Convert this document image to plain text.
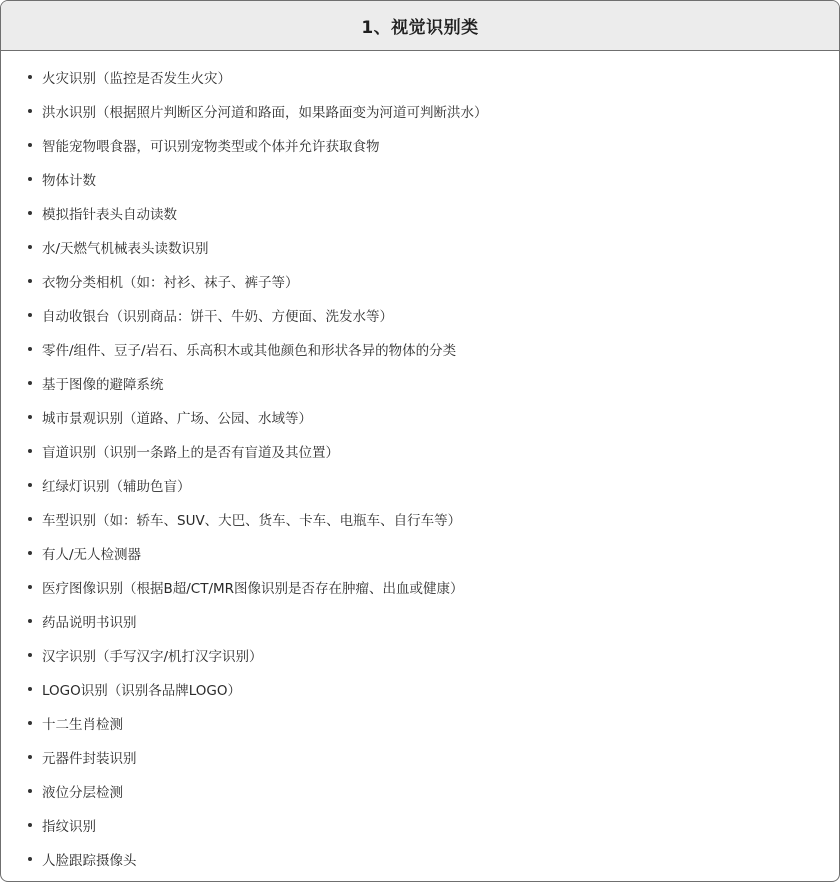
1、视觉识别类
火灾识别（监控是否发生火灾）
洪水识别（根据照片判断区分河道和路面，如果路面变为河道可判断洪水）
智能宠物喂食器，可识别宠物类型或个体并允许获取食物
物体计数
模拟指针表头自动读数
水/天燃气机械表头读数识别
衣物分类相机（如：衬衫、袜子、裤子等）
自动收银台（识别商品：饼干、牛奶、方便面、洗发水等）
零件/组件、豆子/岩石、乐高积木或其他颜色和形状各异的物体的分类
基于图像的避障系统
城市景观识别（道路、广场、公园、水域等）
盲道识别（识别一条路上的是否有盲道及其位置）
红绿灯识别（辅助色盲）
车型识别（如：轿车、SUV、大巴、货车、卡车、电瓶车、自行车等）
有人/无人检测器
医疗图像识别（根据B超/CT/MR图像识别是否存在肿瘤、出血或健康）
药品说明书识别
汉字识别（手写汉字/机打汉字识别）
LOGO识别（识别各品牌LOGO）
十二生肖检测
元器件封装识别
液位分层检测
指纹识别
人脸跟踪摄像头
